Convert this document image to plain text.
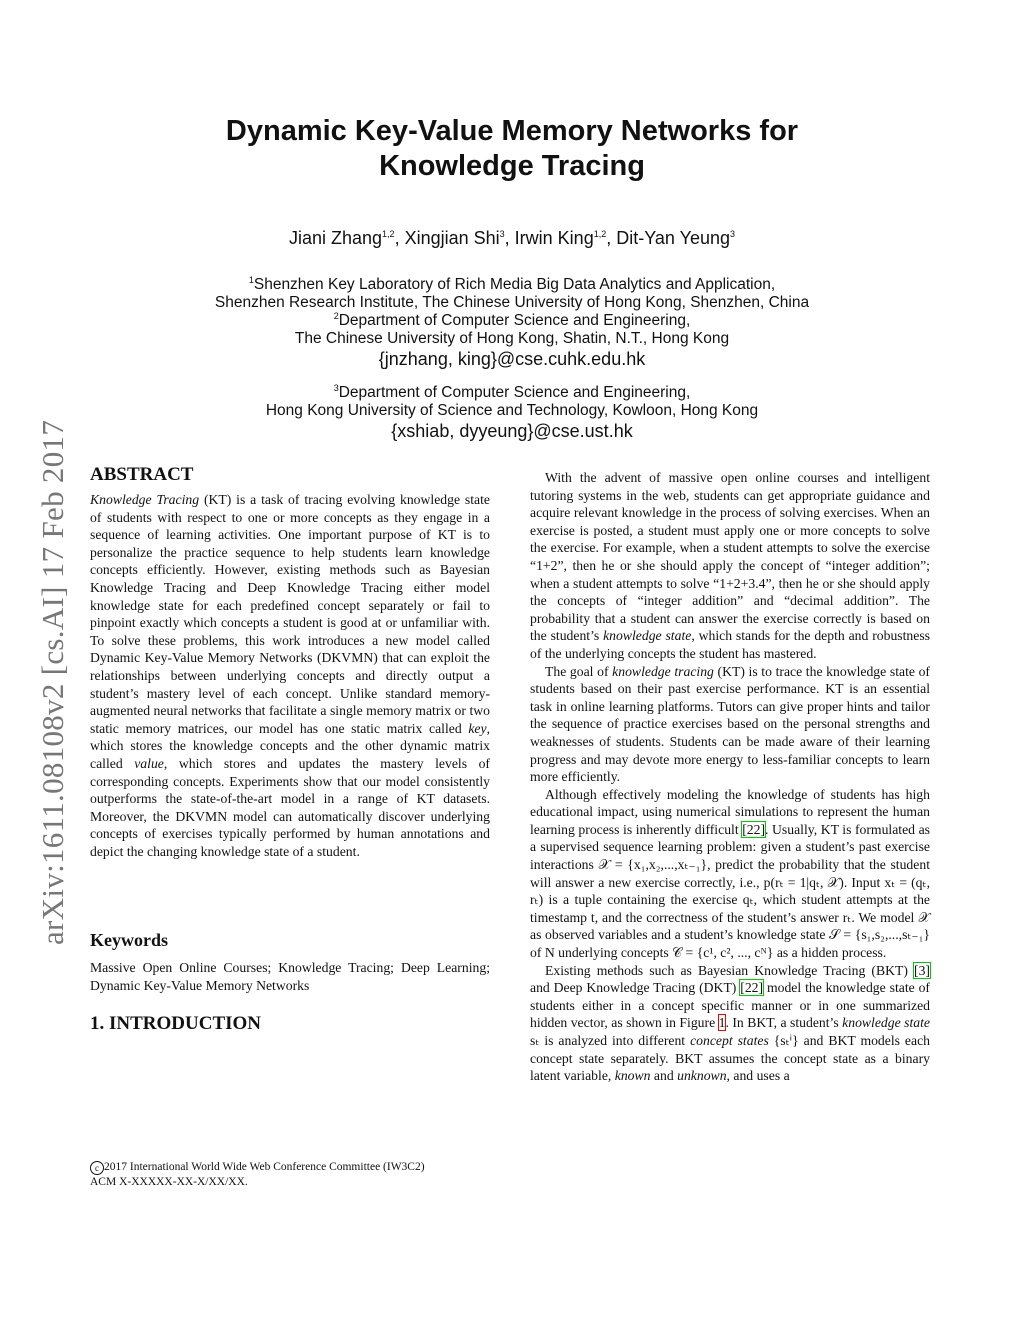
arXiv:1611.08108v2 [cs.AI] 17 Feb 2017
Dynamic Key-Value Memory Networks for
Knowledge Tracing
Jiani Zhang$^{1,2}$, Xingjian Shi$^3$, Irwin King$^{1,2}$, Dit-Yan Yeung$^3$
$^1$Shenzhen Key Laboratory of Rich Media Big Data Analytics and Application,
Shenzhen Research Institute, The Chinese University of Hong Kong, Shenzhen, China
$^2$Department of Computer Science and Engineering,
The Chinese University of Hong Kong, Shatin, N.T., Hong Kong
{jnzhang, king}@cse.cuhk.edu.hk
$^3$Department of Computer Science and Engineering,
Hong Kong University of Science and Technology, Kowloon, Hong Kong
{xshiab, dyyeung}@cse.ust.hk
ABSTRACT

Knowledge Tracing (KT) is a task of tracing evolving knowledge state of students with respect to one or more concepts as they engage in a sequence of learning activities. One important purpose of KT is to personalize the practice sequence to help students learn knowledge concepts efficiently. However, existing methods such as Bayesian Knowledge Tracing and Deep Knowledge Tracing either model knowledge state for each predefined concept separately or fail to pinpoint exactly which concepts a student is good at or unfamiliar with. To solve these problems, this work introduces a new model called Dynamic Key-Value Memory Networks (DKVMN) that can exploit the relationships between underlying concepts and directly output a student’s mastery level of each concept. Unlike standard memory-augmented neural networks that facilitate a single memory matrix or two static memory matrices, our model has one static matrix called key, which stores the knowledge concepts and the other dynamic matrix called value, which stores and updates the mastery levels of corresponding concepts. Experiments show that our model consistently outperforms the state-of-the-art model in a range of KT datasets. Moreover, the DKVMN model can automatically discover underlying concepts of exercises typically performed by human annotations and depict the changing knowledge state of a student.

Keywords

Massive Open Online Courses; Knowledge Tracing; Deep Learning; Dynamic Key-Value Memory Networks

1. INTRODUCTION
c 2017 International World Wide Web Conference Committee (IW3C2)
ACM X-XXXXX-XX-X/XX/XX.

With the advent of massive open online courses and intelligent tutoring systems in the web, students can get appropriate guidance and acquire relevant knowledge in the process of solving exercises. When an exercise is posted, a student must apply one or more concepts to solve the exercise. For example, when a student attempts to solve the exercise “1+2”, then he or she should apply the concept of “integer addition”; when a student attempts to solve “1+2+3.4”, then he or she should apply the concepts of “integer addition” and “decimal addition”. The probability that a student can answer the exercise correctly is based on the student’s knowledge state, which stands for the depth and robustness of the underlying concepts the student has mastered.

The goal of knowledge tracing (KT) is to trace the knowledge state of students based on their past exercise performance. KT is an essential task in online learning platforms. Tutors can give proper hints and tailor the sequence of practice exercises based on the personal strengths and weaknesses of students. Students can be made aware of their learning progress and may devote more energy to less-familiar concepts to learn more efficiently.

Although effectively modeling the knowledge of students has high educational impact, using numerical simulations to represent the human learning process is inherently difficult [22]. Usually, KT is formulated as a supervised sequence learning problem: given a student’s past exercise interactions 𝒳 = {x₁,x₂,...,xₜ₋₁}, predict the probability that the student will answer a new exercise correctly, i.e., p(rₜ = 1|qₜ, 𝒳). Input xₜ = (qₜ, rₜ) is a tuple containing the exercise qₜ, which student attempts at the timestamp t, and the correctness of the student’s answer rₜ. We model 𝒳 as observed variables and a student’s knowledge state 𝒮 = {s₁,s₂,...,sₜ₋₁} of N underlying concepts 𝒞 = {c¹, c², ..., cᴺ} as a hidden process.

Existing methods such as Bayesian Knowledge Tracing (BKT) [3] and Deep Knowledge Tracing (DKT) [22] model the knowledge state of students either in a concept specific manner or in one summarized hidden vector, as shown in Figure 1. In BKT, a student’s knowledge state sₜ is analyzed into different concept states {sₜⁱ} and BKT models each concept state separately. BKT assumes the concept state as a binary latent variable, known and unknown, and uses a
